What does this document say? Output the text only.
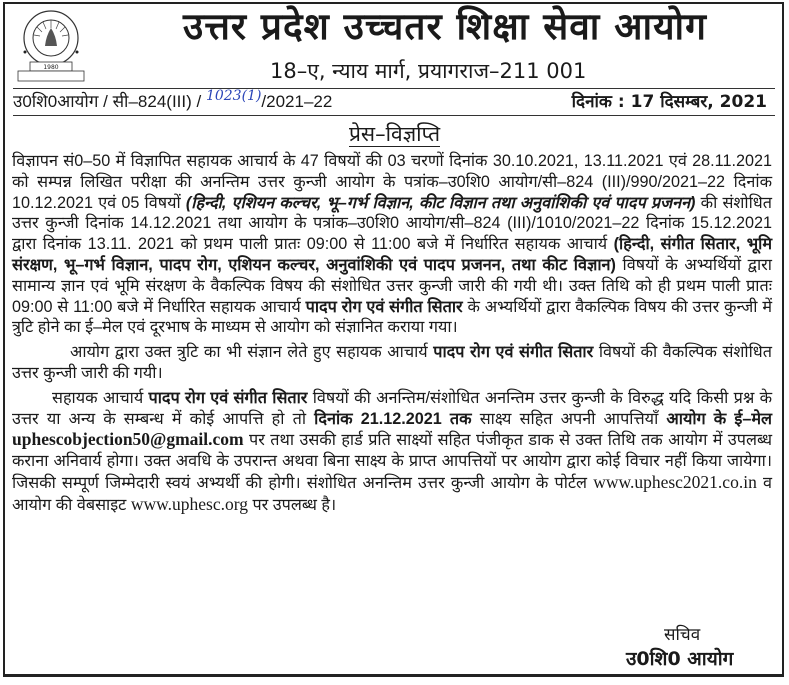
1980
उत्तर प्रदेश उच्चतर शिक्षा सेवा आयोग
18–ए, न्याय मार्ग, प्रयागराज–211 001
उ0शि0आयोग / सी–824(III) / $^{1023(1)}$/2021–22	दिनांक : 17 दिसम्बर, 2021
प्रेस–विज्ञप्ति

विज्ञापन सं0–50 में विज्ञापित सहायक आचार्य के 47 विषयों की 03 चरणों दिनांक 30.10.2021, 13.11.2021 एवं 28.11.2021 को सम्पन्न लिखित परीक्षा की अनन्तिम उत्तर कुन्जी आयोग के पत्रांक–उ0शि0 आयोग/सी–824 (III)/990/2021–22 दिनांक 10.12.2021 एवं 05 विषयों (हिन्दी, एशियन कल्चर, भू–गर्भ विज्ञान, कीट विज्ञान तथा अनुवांशिकी एवं पादप प्रजनन) की संशोधित उत्तर कुन्जी दिनांक 14.12.2021 तथा आयोग के पत्रांक–उ0शि0 आयोग/सी–824 (III)/1010/2021–22 दिनांक 15.12.2021 द्वारा दिनांक 13.11. 2021 को प्रथम पाली प्रातः 09:00 से 11:00 बजे में निर्धारित सहायक आचार्य (हिन्दी, संगीत सितार, भूमि संरक्षण, भू–गर्भ विज्ञान, पादप रोग, एशियन कल्चर, अनुवांशिकी एवं पादप प्रजनन, तथा कीट विज्ञान) विषयों के अभ्यर्थियों द्वारा सामान्य ज्ञान एवं भूमि संरक्षण के वैकल्पिक विषय की संशोधित उत्तर कुन्जी जारी की गयी थी। उक्त तिथि को ही प्रथम पाली प्रातः 09:00 से 11:00 बजे में निर्धारित सहायक आचार्य पादप रोग एवं संगीत सितार के अभ्यर्थियों द्वारा वैकल्पिक विषय की उत्तर कुन्जी में त्रुटि होने का ई–मेल एवं दूरभाष के माध्यम से आयोग को संज्ञानित कराया गया।

आयोग द्वारा उक्त त्रुटि का भी संज्ञान लेते हुए सहायक आचार्य पादप रोग एवं संगीत सितार विषयों की वैकल्पिक संशोधित उत्तर कुन्जी जारी की गयी।

सहायक आचार्य पादप रोग एवं संगीत सितार विषयों की अनन्तिम/संशोधित अनन्तिम उत्तर कुन्जी के विरुद्ध यदि किसी प्रश्न के उत्तर या अन्य के सम्बन्ध में कोई आपत्ति हो तो दिनांक 21.12.2021 तक साक्ष्य सहित अपनी आपत्तियाँ आयोग के ई–मेल uphescobjection50@gmail.com पर तथा उसकी हार्ड प्रति साक्ष्यों सहित पंजीकृत डाक से उक्त तिथि तक आयोग में उपलब्ध कराना अनिवार्य होगा। उक्त अवधि के उपरान्त अथवा बिना साक्ष्य के प्राप्त आपत्तियों पर आयोग द्वारा कोई विचार नहीं किया जायेगा। जिसकी सम्पूर्ण जिम्मेदारी स्वयं अभ्यर्थी की होगी। संशोधित अनन्तिम उत्तर कुन्जी आयोग के पोर्टल www.uphesc2021.co.in व आयोग की वेबसाइट www.uphesc.org पर उपलब्ध है।

सचिव
उ0शि0 आयोग
